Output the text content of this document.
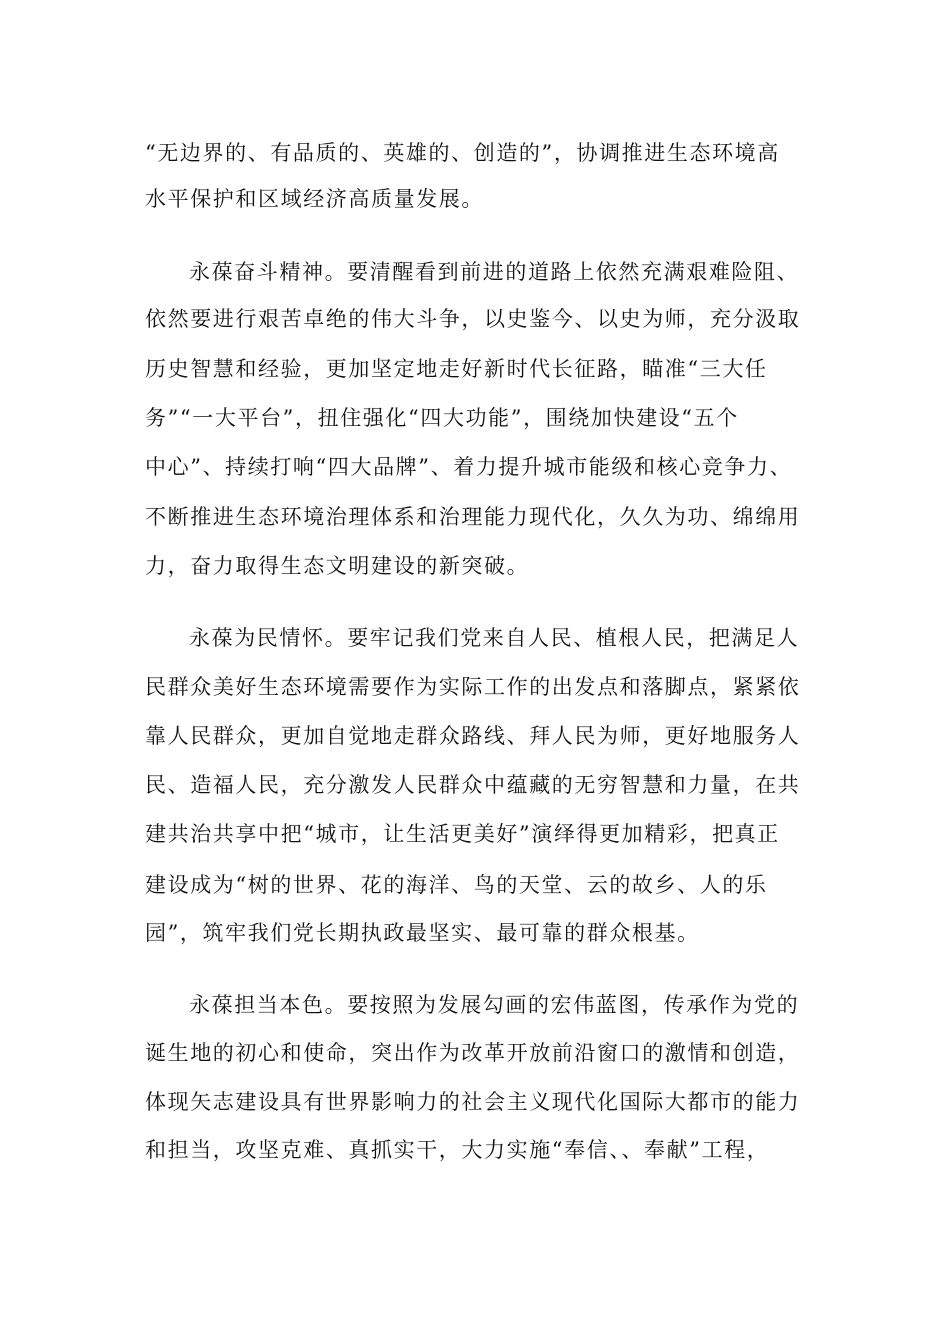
“无边界的、有品质的、英雄的、创造的”，协调推进生态环境高
水平保护和区域经济高质量发展。
永葆奋斗精神。要清醒看到前进的道路上依然充满艰难险阻、
依然要进行艰苦卓绝的伟大斗争，以史鉴今、以史为师，充分汲取
历史智慧和经验，更加坚定地走好新时代长征路，瞄准“三大任
务”“一大平台”，扭住强化“四大功能”，围绕加快建设“五个
中心”、持续打响“四大品牌”、着力提升城市能级和核心竞争力、
不断推进生态环境治理体系和治理能力现代化，久久为功、绵绵用
力，奋力取得生态文明建设的新突破。
永葆为民情怀。要牢记我们党来自人民、植根人民，把满足人
民群众美好生态环境需要作为实际工作的出发点和落脚点，紧紧依
靠人民群众，更加自觉地走群众路线、拜人民为师，更好地服务人
民、造福人民，充分激发人民群众中蕴藏的无穷智慧和力量，在共
建共治共享中把“城市，让生活更美好”演绎得更加精彩，把真正
建设成为“树的世界、花的海洋、鸟的天堂、云的故乡、人的乐
园”，筑牢我们党长期执政最坚实、最可靠的群众根基。
永葆担当本色。要按照为发展勾画的宏伟蓝图，传承作为党的
诞生地的初心和使命，突出作为改革开放前沿窗口的激情和创造，
体现矢志建设具有世界影响力的社会主义现代化国际大都市的能力
和担当，攻坚克难、真抓实干，大力实施“奉信、、奉献”工程，
